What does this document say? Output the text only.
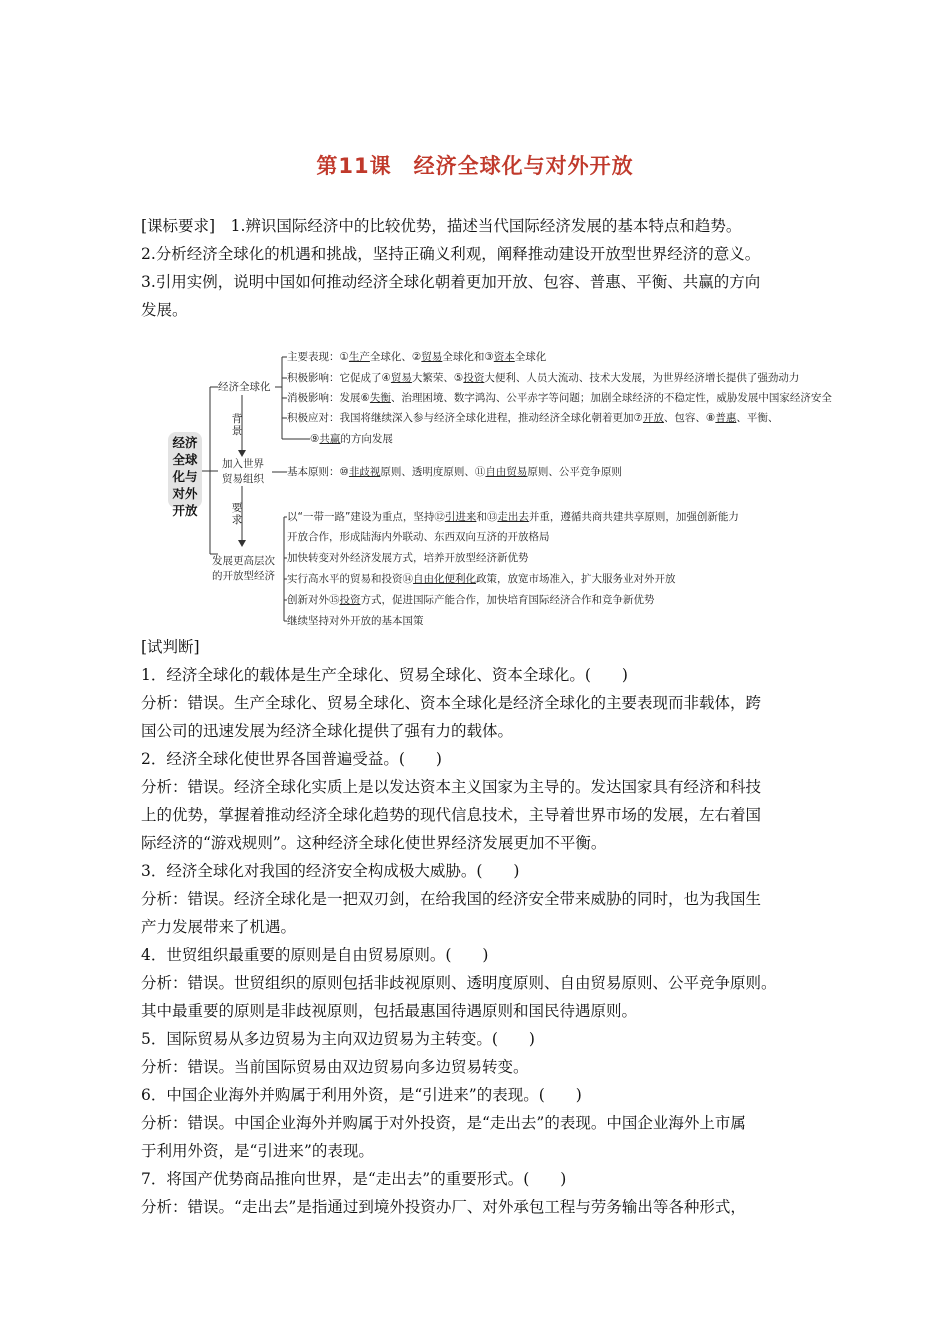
第11课　经济全球化与对外开放

[课标要求]　1.辨识国际经济中的比较优势，描述当代国际经济发展的基本特点和趋势。

2.分析经济全球化的机遇和挑战，坚持正确义利观，阐释推动建设开放型世界经济的意义。

3.引用实例，说明中国如何推动经济全球化朝着更加开放、包容、普惠、平衡、共赢的方向

发展。

经济
全球
化与
对外
开放
经济全球化
加入世界
贸易组织
发展更高层次
的开放型经济
背
景
要
求
主要表现：①生产全球化、②贸易全球化和③资本全球化
积极影响：它促成了④贸易大繁荣、⑤投资大便利、人员大流动、技术大发展，为世界经济增长提供了强劲动力
消极影响：发展⑥失衡、治理困境、数字鸿沟、公平赤字等问题；加剧全球经济的不稳定性，威胁发展中国家经济安全
积极应对：我国将继续深入参与经济全球化进程，推动经济全球化朝着更加⑦开放、包容、⑧普惠、平衡、
⑨共赢的方向发展
基本原则：⑩非歧视原则、透明度原则、⑪自由贸易原则、公平竞争原则
以“一带一路”建设为重点，坚持⑫引进来和⑬走出去并重，遵循共商共建共享原则，加强创新能力
开放合作，形成陆海内外联动、东西双向互济的开放格局
加快转变对外经济发展方式，培养开放型经济新优势
实行高水平的贸易和投资⑭自由化便利化政策，放宽市场准入，扩大服务业对外开放
创新对外⑮投资方式，促进国际产能合作，加快培育国际经济合作和竞争新优势
继续坚持对外开放的基本国策

[试判断]

1．经济全球化的载体是生产全球化、贸易全球化、资本全球化。(　　)

分析：错误。生产全球化、贸易全球化、资本全球化是经济全球化的主要表现而非载体，跨

国公司的迅速发展为经济全球化提供了强有力的载体。

2．经济全球化使世界各国普遍受益。(　　)

分析：错误。经济全球化实质上是以发达资本主义国家为主导的。发达国家具有经济和科技

上的优势，掌握着推动经济全球化趋势的现代信息技术，主导着世界市场的发展，左右着国

际经济的“游戏规则”。这种经济全球化使世界经济发展更加不平衡。

3．经济全球化对我国的经济安全构成极大威胁。(　　)

分析：错误。经济全球化是一把双刃剑，在给我国的经济安全带来威胁的同时，也为我国生

产力发展带来了机遇。

4．世贸组织最重要的原则是自由贸易原则。(　　)

分析：错误。世贸组织的原则包括非歧视原则、透明度原则、自由贸易原则、公平竞争原则。

其中最重要的原则是非歧视原则，包括最惠国待遇原则和国民待遇原则。

5．国际贸易从多边贸易为主向双边贸易为主转变。(　　)

分析：错误。当前国际贸易由双边贸易向多边贸易转变。

6．中国企业海外并购属于利用外资，是“引进来”的表现。(　　)

分析：错误。中国企业海外并购属于对外投资，是“走出去”的表现。中国企业海外上市属

于利用外资，是“引进来”的表现。

7．将国产优势商品推向世界，是“走出去”的重要形式。(　　)

分析：错误。“走出去”是指通过到境外投资办厂、对外承包工程与劳务输出等各种形式，
